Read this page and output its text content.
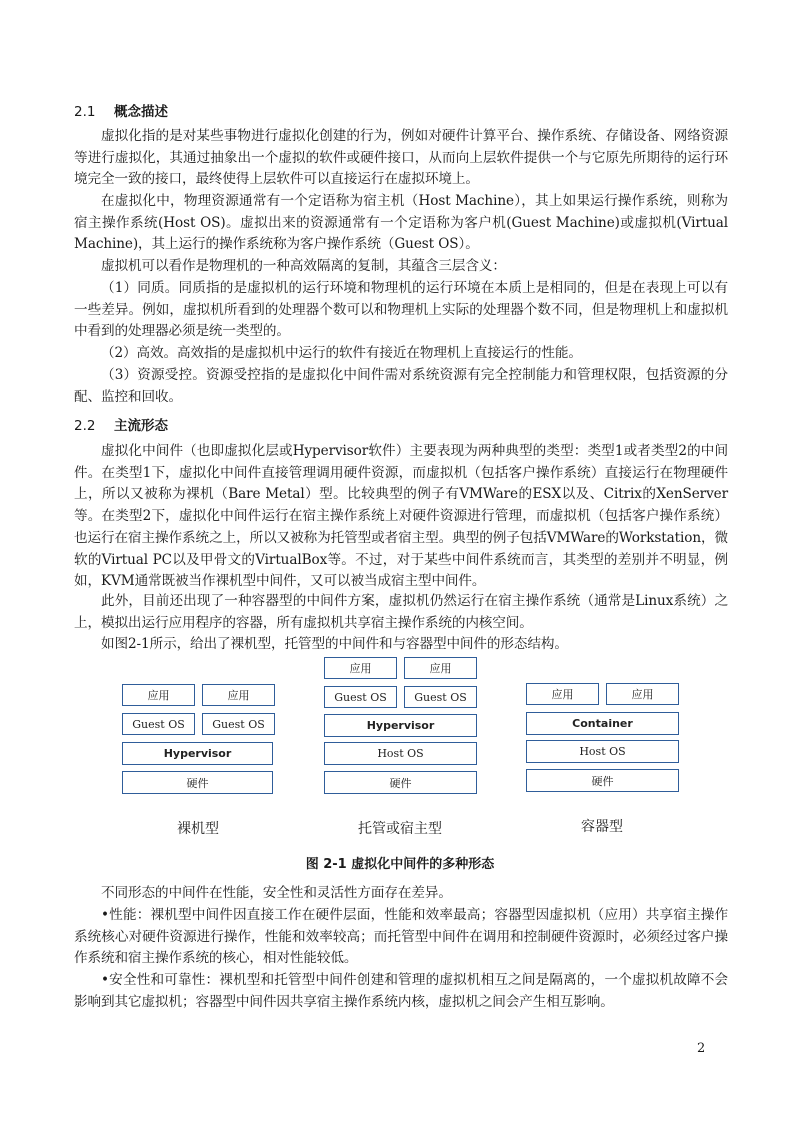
2.1 概念描述

虚拟化指的是对某些事物进行虚拟化创建的行为，例如对硬件计算平台、操作系统、存储设备、网络资源等进行虚拟化，其通过抽象出一个虚拟的软件或硬件接口，从而向上层软件提供一个与它原先所期待的运行环境完全一致的接口，最终使得上层软件可以直接运行在虚拟环境上。

在虚拟化中，物理资源通常有一个定语称为宿主机（Host Machine），其上如果运行操作系统，则称为宿主操作系统(Host OS)。虚拟出来的资源通常有一个定语称为客户机(Guest Machine)或虚拟机(Virtual Machine)，其上运行的操作系统称为客户操作系统（Guest OS）。

虚拟机可以看作是物理机的一种高效隔离的复制，其蕴含三层含义：

（1）同质。同质指的是虚拟机的运行环境和物理机的运行环境在本质上是相同的，但是在表现上可以有一些差异。例如，虚拟机所看到的处理器个数可以和物理机上实际的处理器个数不同，但是物理机上和虚拟机中看到的处理器必须是统一类型的。

（2）高效。高效指的是虚拟机中运行的软件有接近在物理机上直接运行的性能。

（3）资源受控。资源受控指的是虚拟化中间件需对系统资源有完全控制能力和管理权限，包括资源的分配、监控和回收。

2.2 主流形态

虚拟化中间件（也即虚拟化层或Hypervisor软件）主要表现为两种典型的类型：类型1或者类型2的中间件。在类型1下，虚拟化中间件直接管理调用硬件资源，而虚拟机（包括客户操作系统）直接运行在物理硬件上，所以又被称为裸机（Bare Metal）型。比较典型的例子有VMWare的ESX以及、Citrix的XenServer等。在类型2下，虚拟化中间件运行在宿主操作系统上对硬件资源进行管理，而虚拟机（包括客户操作系统）也运行在宿主操作系统之上，所以又被称为托管型或者宿主型。典型的例子包括VMWare的Workstation，微软的Virtual PC以及甲骨文的VirtualBox等。不过，对于某些中间件系统而言，其类型的差别并不明显，例如，KVM通常既被当作裸机型中间件，又可以被当成宿主型中间件。

此外，目前还出现了一种容器型的中间件方案，虚拟机仍然运行在宿主操作系统（通常是Linux系统）之上，模拟出运行应用程序的容器，所有虚拟机共享宿主操作系统的内核空间。

如图2-1所示，给出了裸机型，托管型的中间件和与容器型中间件的形态结构。

应用	应用
Guest OS	Guest OS
Hypervisor
硬件
应用	应用
Guest OS	Guest OS
Hypervisor
Host OS
硬件
应用	应用
Container
Host OS
硬件
裸机型	托管或宿主型	容器型
图 2-1 虚拟化中间件的多种形态

不同形态的中间件在性能，安全性和灵活性方面存在差异。

•性能：裸机型中间件因直接工作在硬件层面，性能和效率最高；容器型因虚拟机（应用）共享宿主操作系统核心对硬件资源进行操作，性能和效率较高；而托管型中间件在调用和控制硬件资源时，必须经过客户操作系统和宿主操作系统的核心，相对性能较低。

•安全性和可靠性：裸机型和托管型中间件创建和管理的虚拟机相互之间是隔离的，一个虚拟机故障不会影响到其它虚拟机；容器型中间件因共享宿主操作系统内核，虚拟机之间会产生相互影响。

2
